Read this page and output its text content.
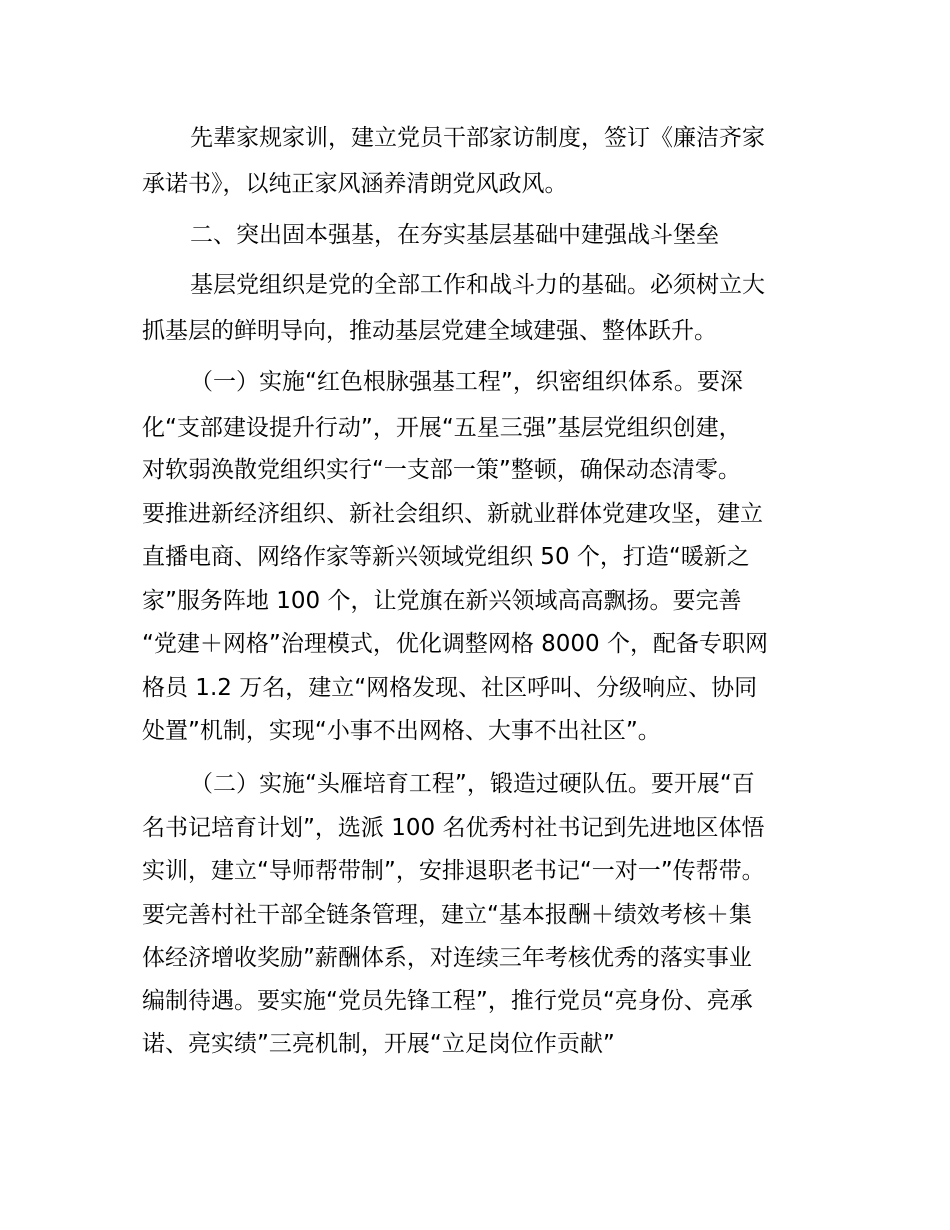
先辈家规家训，建立党员干部家访制度，签订《廉洁齐家
承诺书》，以纯正家风涵养清朗党风政风。
二、突出固本强基，在夯实基层基础中建强战斗堡垒
基层党组织是党的全部工作和战斗力的基础。必须树立大
抓基层的鲜明导向，推动基层党建全域建强、整体跃升。
（一）实施“红色根脉强基工程”，织密组织体系。要深
化“支部建设提升行动”，开展“五星三强”基层党组织创建，
对软弱涣散党组织实行“一支部一策”整顿，确保动态清零。
要推进新经济组织、新社会组织、新就业群体党建攻坚，建立
直播电商、网络作家等新兴领域党组织 50 个，打造“暖新之
家”服务阵地 100 个，让党旗在新兴领域高高飘扬。要完善
“党建＋网格”治理模式，优化调整网格 8000 个，配备专职网
格员 1.2 万名，建立“网格发现、社区呼叫、分级响应、协同
处置”机制，实现“小事不出网格、大事不出社区”。
（二）实施“头雁培育工程”，锻造过硬队伍。要开展“百
名书记培育计划”，选派 100 名优秀村社书记到先进地区体悟
实训，建立“导师帮带制”，安排退职老书记“一对一”传帮带。
要完善村社干部全链条管理，建立“基本报酬＋绩效考核＋集
体经济增收奖励”薪酬体系，对连续三年考核优秀的落实事业
编制待遇。要实施“党员先锋工程”，推行党员“亮身份、亮承
诺、亮实绩”三亮机制，开展“立足岗位作贡献”
